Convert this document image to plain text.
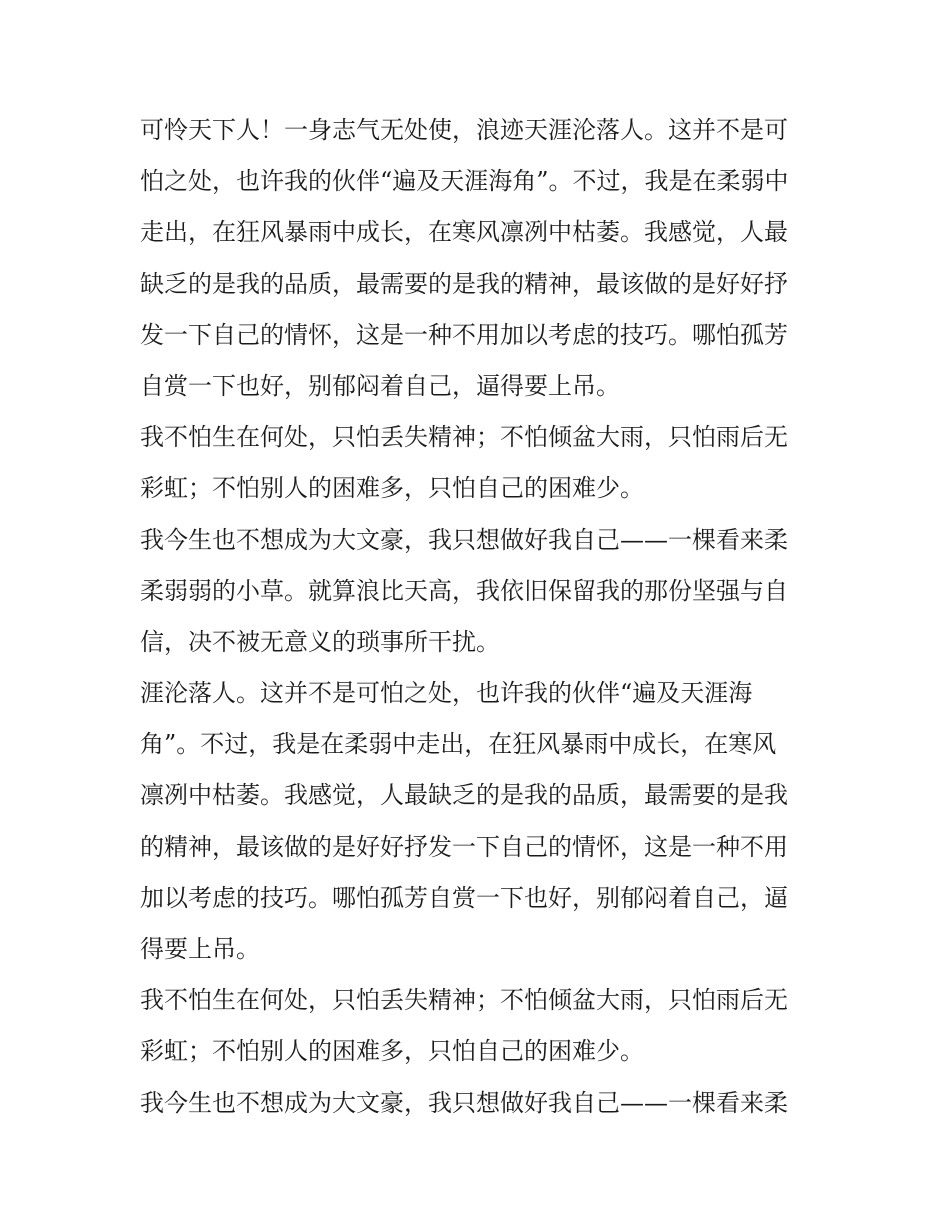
可怜天下人！一身志气无处使，浪迹天涯沦落人。这并不是可
怕之处，也许我的伙伴“遍及天涯海角”。不过，我是在柔弱中
走出，在狂风暴雨中成长，在寒风凛冽中枯萎。我感觉，人最
缺乏的是我的品质，最需要的是我的精神，最该做的是好好抒
发一下自己的情怀，这是一种不用加以考虑的技巧。哪怕孤芳
自赏一下也好，别郁闷着自己，逼得要上吊。
我不怕生在何处，只怕丢失精神；不怕倾盆大雨，只怕雨后无
彩虹；不怕别人的困难多，只怕自己的困难少。
我今生也不想成为大文豪，我只想做好我自己——一棵看来柔
柔弱弱的小草。就算浪比天高，我依旧保留我的那份坚强与自
信，决不被无意义的琐事所干扰。
涯沦落人。这并不是可怕之处，也许我的伙伴“遍及天涯海
角”。不过，我是在柔弱中走出，在狂风暴雨中成长，在寒风
凛冽中枯萎。我感觉，人最缺乏的是我的品质，最需要的是我
的精神，最该做的是好好抒发一下自己的情怀，这是一种不用
加以考虑的技巧。哪怕孤芳自赏一下也好，别郁闷着自己，逼
得要上吊。
我不怕生在何处，只怕丢失精神；不怕倾盆大雨，只怕雨后无
彩虹；不怕别人的困难多，只怕自己的困难少。
我今生也不想成为大文豪，我只想做好我自己——一棵看来柔
